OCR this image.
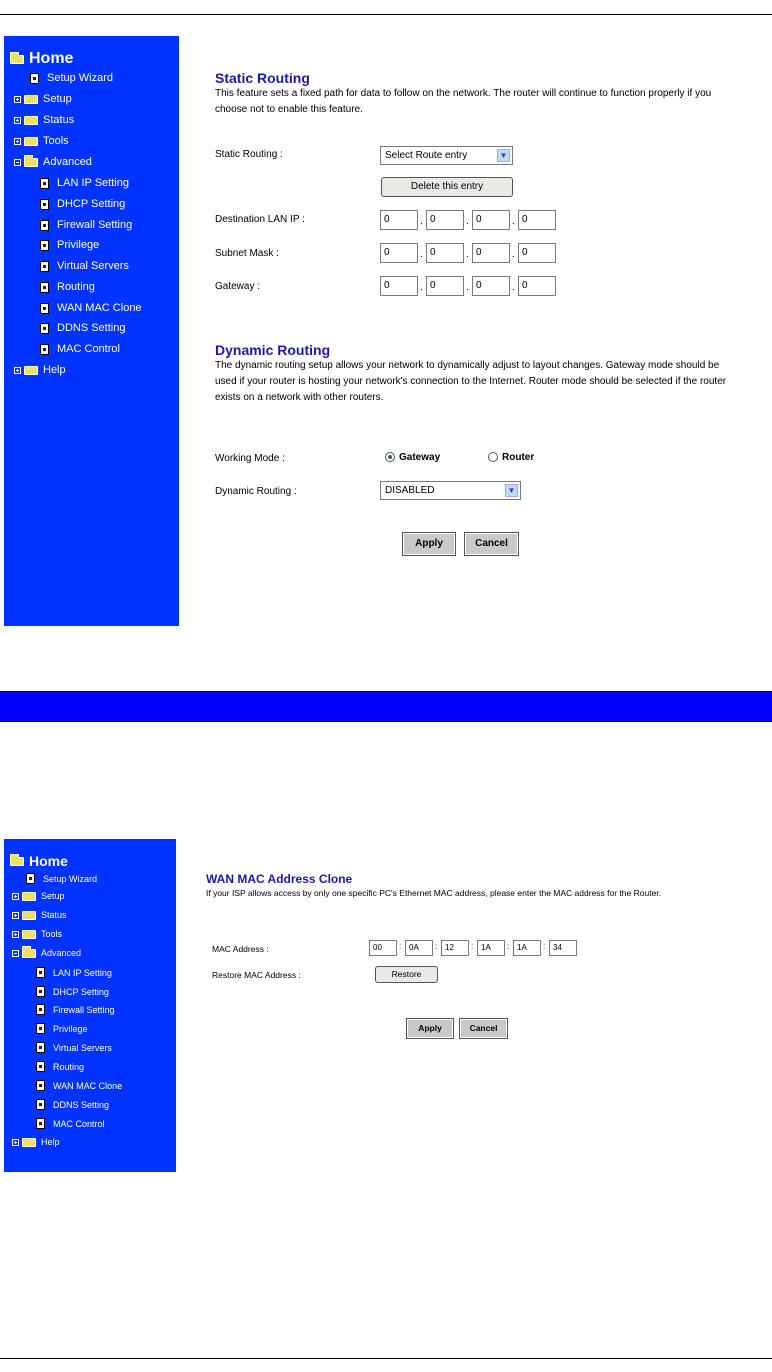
Home
Setup Wizard
Setup
Status
Tools
Advanced
LAN IP Setting
DHCP Setting
Firewall Setting
Privilege
Virtual Servers
Routing
WAN MAC Clone
DDNS Setting
MAC Control
Help
Static Routing
This feature sets a fixed path for data to follow on the network. The router will continue to function properly if you choose not to enable this feature.
Static Routing :	Select Route entry	▼
Delete this entry
Destination LAN IP :	0	. 0	. 0	. 0
Subnet Mask :	0	. 0	. 0	. 0
Gateway :	0	. 0	. 0	. 0
Dynamic Routing
The dynamic routing setup allows your network to dynamically adjust to layout changes. Gateway mode should be used if your router is hosting your network's connection to the Internet. Router mode should be selected if the router exists on a network with other routers.
Working Mode :	Gateway	Router
Dynamic Routing :	DISABLED	▼
Apply	Cancel
Home
Setup Wizard
Setup
Status
Tools
Advanced
LAN IP Setting
DHCP Setting
Firewall Setting
Privilege
Virtual Servers
Routing
WAN MAC Clone
DDNS Setting
MAC Control
Help
WAN MAC Address Clone
If your ISP allows access by only one specific PC's Ethernet MAC address, please enter the MAC address for the Router.
MAC Address :	00	: 0A	: 12	: 1A	: 1A	: 34
Restore MAC Address :	Restore
Apply	Cancel
